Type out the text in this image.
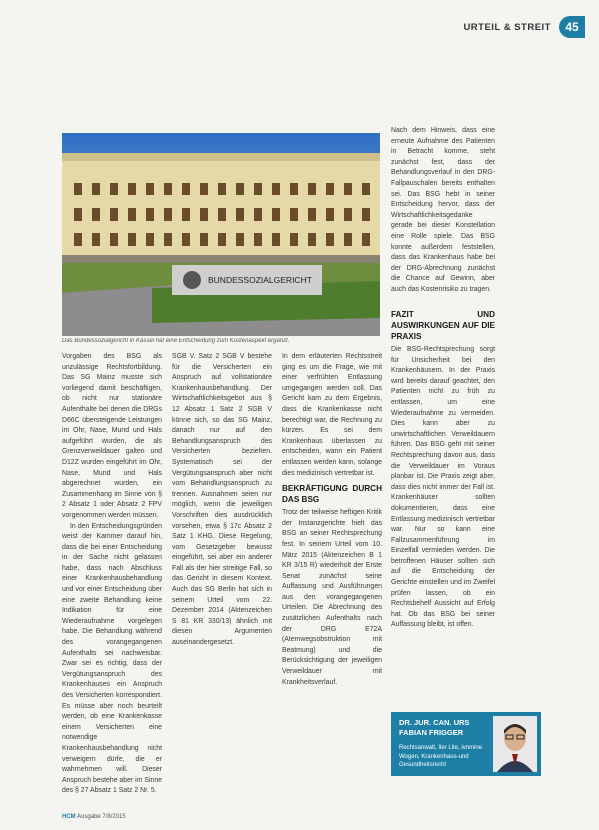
URTEIL & STREIT	45
BUNDESSOZIALGERICHT
Das Bundessozialgericht in Kassel hat eine Entscheidung zum Kostenaspekt ergänzt.

Vorgaben des BSG als unzulässige Rechtsfortbildung. Das SG Mainz musste sich vorliegend damit beschäftigen, ob nicht nur stationäre Aufenthalte bei denen die DRGs D66C übersteigende Leistungen im Ohr, Nase, Mund und Hals aufgeführt wurden, die als Grenzverweildauer galten und D12Z wurden eingeführt im Ohr, Nase, Mund und Hals abgerechnet wurden, ein Zusammenhang im Sinne von § 2 Absatz 1 oder Absatz 2 FPV vorgenommen werden müssen.

In den Entscheidungsgründen weist der Kammer darauf hin, dass die bei einer Entscheidung in der Sache nicht gelassen habe, dass nach Abschluss einer Krankenhausbehandlung und vor einer Entscheidung über eine zweite Behandlung keine Indikation für eine Wiederaufnahme vorgelegen habe. Die Behandlung während des vorangegangenen Aufenthalts sei nachweisbar. Zwar sei es richtig, dass der Vergütungsanspruch des Krankenhauses ein Anspruch des Versicherten korrespondiert. Es müsse aber noch beurteilt werden, ob eine Krankenkasse einem Versicherten eine notwendige Krankenhausbehandlung nicht verweigern dürfe, die er wahrnehmen will. Dieser Anspruch bestehe aber im Sinne des § 27 Absatz 1 Satz 2 Nr. 5.

SGB V. Satz 2 SGB V bestehe für die Versicherten ein Anspruch auf vollstationäre Krankenhausbehandlung. Der Wirtschaftlichkeitsgebot aus § 12 Absatz 1 Satz 2 SGB V könne sich, so das SG Mainz, danach nur auf den Behandlungsanspruch des Versicherten beziehen. Systematisch sei der Vergütungsanspruch aber nicht vom Behandlungsanspruch zu trennen. Ausnahmen seien nur möglich, wenn die jeweiligen Vorschriften dies ausdrücklich vorsehen, etwa § 17c Absatz 2 Satz 1 KHG. Diese Regelung, vom Gesetzgeber bewusst eingeführt, sei aber ein anderer Fall als der hier streitige Fall, so das Gericht in diesem Kontext. Auch das SG Berlin hat sich in seinem Urteil vom 22. Dezember 2014 (Aktenzeichen S 81 KR 330/13) ähnlich mit diesen Argumenten auseinandergesetzt.

In dem erläuterten Rechtsstreit ging es um die Frage, wie mit einer verfrühten Entlassung umgegangen werden soll. Das Gericht kam zu dem Ergebnis, dass die Krankenkasse nicht berechtigt war, die Rechnung zu kürzen. Es sei dem Krankenhaus überlassen zu entscheiden, wann ein Patient entlassen werden kann, solange dies medizinisch vertretbar ist.

BEKRÄFTIGUNG DURCH DAS BSG

Trotz der teilweise heftigen Kritik der Instanzgerichte hielt das BSG an seiner Rechtsprechung fest. In seinem Urteil vom 10. März 2015 (Aktenzeichen B 1 KR 3/15 R) wiederholt der Erste Senat zunächst seine Auffassung und Ausführungen aus den vorangegangenen Urteilen. Die Abrechnung des zusätzlichen Aufenthalts nach der DRG E72A (Atemwegsobstruktion mit Beatmung) und die Berücksichtigung der jeweiligen Verweildauer mit Krankheitsverlauf.

Nach dem Hinweis, dass eine erneute Aufnahme des Patienten in Betracht komme, steht zunächst fest, dass der Behandlungsverlauf in den DRG-Fallpauschalen bereits enthalten sei. Das BSG hebt in seiner Entscheidung hervor, dass der Wirtschaftlichkeitsgedanke gerade bei dieser Konstellation eine Rolle spiele. Das BSG konnte außerdem feststellen, dass das Krankenhaus habe bei der DRG-Abrechnung zunächst die Chance auf Gewinn, aber auch das Kostenrisiko zu tragen.

FAZIT UND AUSWIRKUNGEN AUF DIE PRAXIS

Die BSG-Rechtsprechung sorgt für Unsicherheit bei den Krankenhäusern. In der Praxis wird bereits darauf geachtet, den Patienten nicht zu früh zu entlassen, um eine Wiederaufnahme zu vermeiden. Dies kann aber zu unwirtschaftlichen Verweildauern führen. Das BSG geht mit seiner Rechtsprechung davon aus, dass die Verweildauer im Voraus planbar ist. Die Praxis zeigt aber, dass dies nicht immer der Fall ist. Krankenhäuser sollten dokumentieren, dass eine Entlassung medizinisch vertretbar war. Nur so kann eine Fallzusammenführung im Einzelfall vermieden werden. Die betroffenen Häuser sollten sich auf die Entscheidung der Gerichte einstellen und im Zweifel prüfen lassen, ob ein Rechtsbehelf Aussicht auf Erfolg hat. Ob das BSG bei seiner Auffassung bleibt, ist offen.

DR. JUR. CAN. URS
FABIAN FRIGGER
Rechtsanwalt, Iler Lite, ivnmine Wogen, Krankenhaus-und Gesundheitsrecht
HCM Ausgabe 7/8/2015
